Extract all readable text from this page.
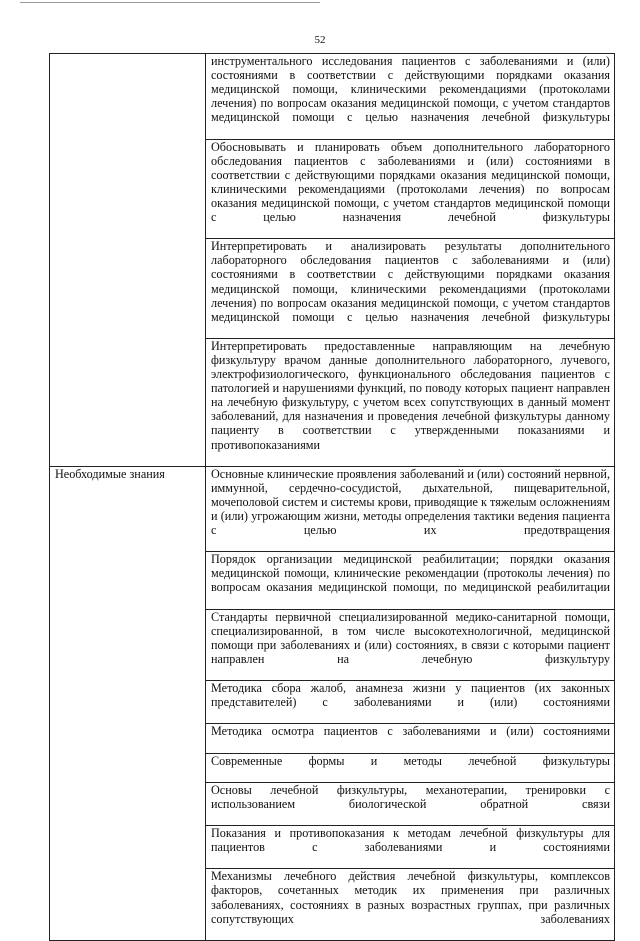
52

	инструментального исследования пациентов с заболеваниями и (или) состояниями в соответствии с действующими порядками оказания медицинской помощи, клиническими рекомендациями (протоколами лечения) по вопросам оказания медицинской помощи, с учетом стандартов медицинской помощи с целью назначения лечебной физкультуры

	Обосновывать и планировать объем дополнительного лабораторного обследования пациентов с заболеваниями и (или) состояниями в соответствии с действующими порядками оказания медицинской помощи, клиническими рекомендациями (протоколами лечения) по вопросам оказания медицинской помощи, с учетом стандартов медицинской помощи с целью назначения лечебной физкультуры

	Интерпретировать и анализировать результаты дополнительного лабораторного обследования пациентов с заболеваниями и (или) состояниями в соответствии с действующими порядками оказания медицинской помощи, клиническими рекомендациями (протоколами лечения) по вопросам оказания медицинской помощи, с учетом стандартов медицинской помощи с целью назначения лечебной физкультуры

	Интерпретировать предоставленные направляющим на лечебную физкультуру врачом данные дополнительного лабораторного, лучевого, электрофизиологического, функционального обследования пациентов с патологией и нарушениями функций, по поводу которых пациент направлен на лечебную физкультуру, с учетом всех сопутствующих в данный момент заболеваний, для назначения и проведения лечебной физкультуры данному пациенту в соответствии с утвержденными показаниями и противопоказаниями

Необходимые знания	Основные клинические проявления заболеваний и (или) состояний нервной, иммунной, сердечно-сосудистой, дыхательной, пищеварительной, мочеполовой систем и системы крови, приводящие к тяжелым осложнениям и (или) угрожающим жизни, методы определения тактики ведения пациента с целью их предотвращения

	Порядок организации медицинской реабилитации; порядки оказания медицинской помощи, клинические рекомендации (протоколы лечения) по вопросам оказания медицинской помощи, по медицинской реабилитации

	Стандарты первичной специализированной медико-санитарной помощи, специализированной, в том числе высокотехнологичной, медицинской помощи при заболеваниях и (или) состояниях, в связи с которыми пациент направлен на лечебную физкультуру

	Методика сбора жалоб, анамнеза жизни у пациентов (их законных представителей) с заболеваниями и (или) состояниями

	Методика осмотра пациентов с заболеваниями и (или) состояниями

	Современные формы и методы лечебной физкультуры

	Основы лечебной физкультуры, механотерапии, тренировки с использованием биологической обратной связи

	Показания и противопоказания к методам лечебной физкультуры для пациентов с заболеваниями и состояниями

	Механизмы лечебного действия лечебной физкультуры, комплексов факторов, сочетанных методик их применения при различных заболеваниях, состояниях в разных возрастных группах, при различных сопутствующих заболеваниях
